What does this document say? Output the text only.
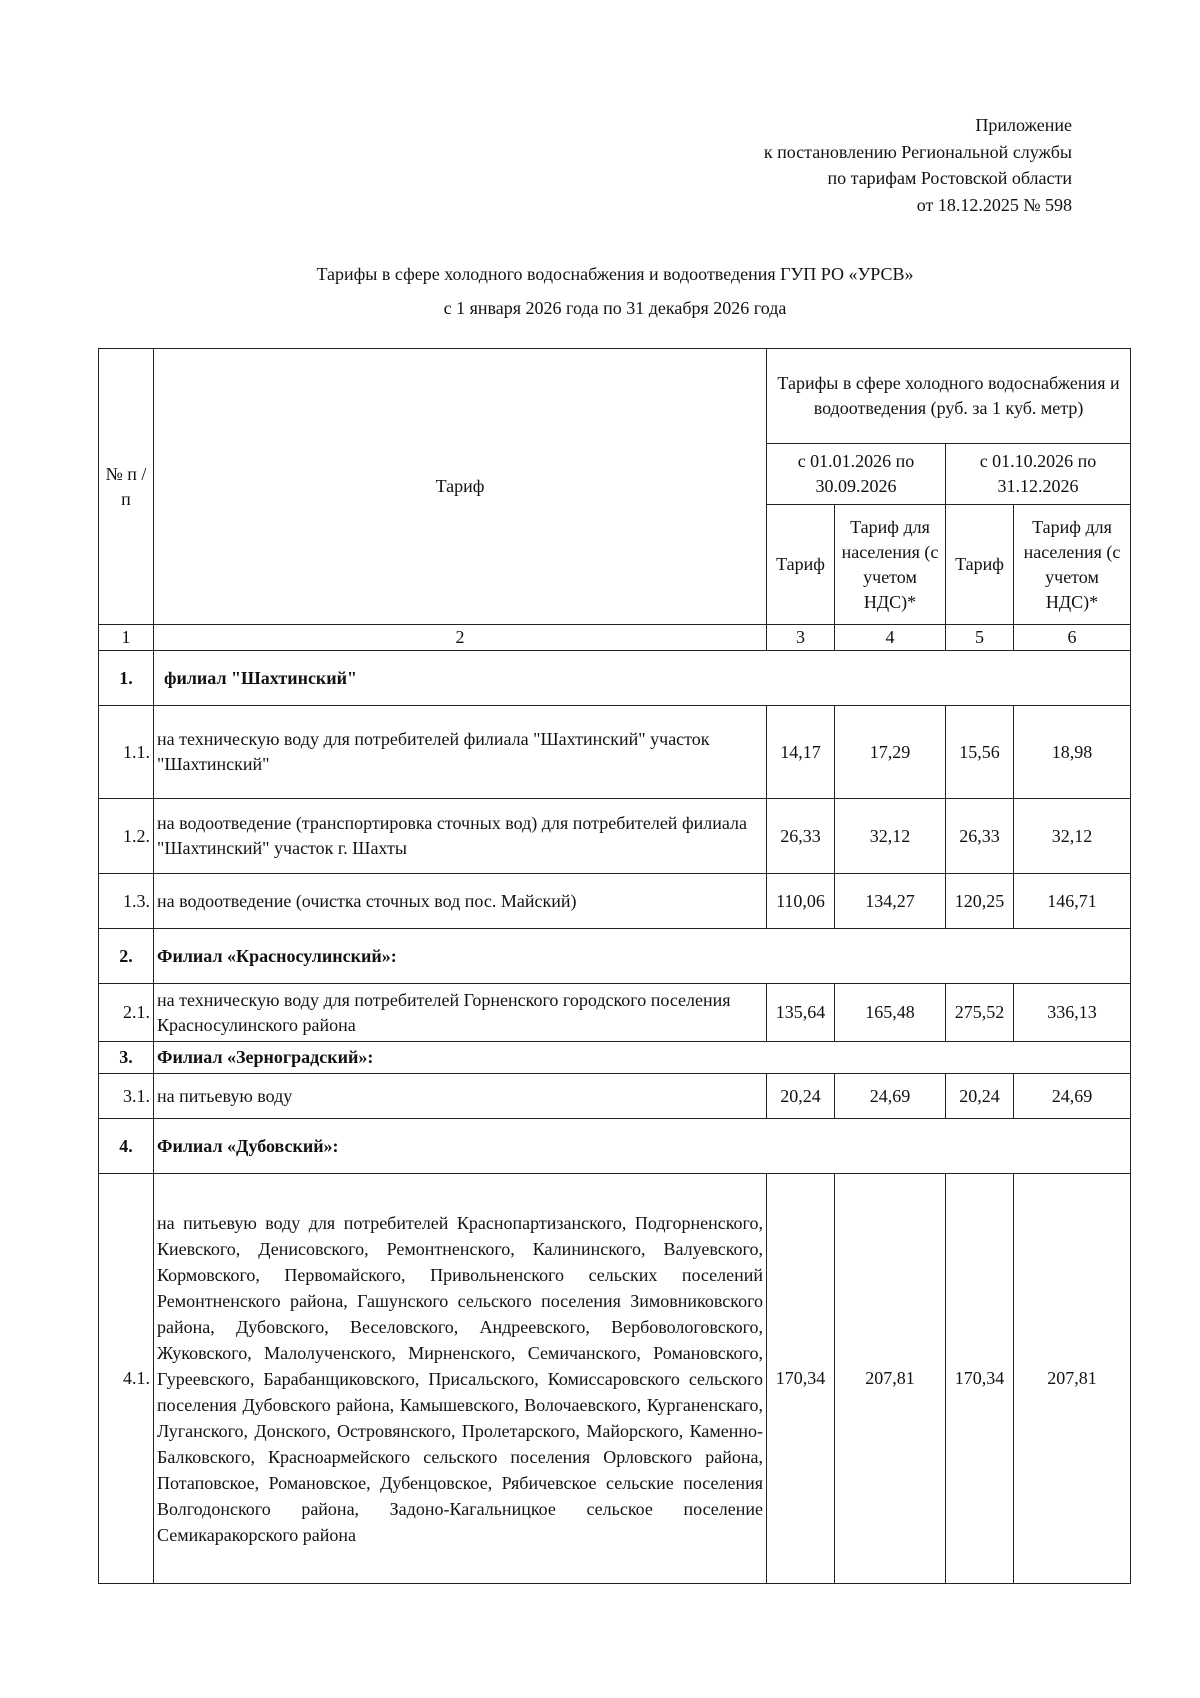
Приложение
к постановлению Региональной службы
по тарифам Ростовской области
от 18.12.2025 № 598
Тарифы в сфере холодного водоснабжения и водоотведения ГУП РО «УРСВ»
с 1 января 2026 года по 31 декабря 2026 года
№ п /п	Тариф	Тарифы в сфере холодного водоснабжения и водоотведения (руб. за 1 куб. метр)			
		с 01.01.2026 по 30.09.2026		с 01.10.2026 по 31.12.2026	
		Тариф	Тариф для населения (с учетом НДС)*	Тариф	Тариф для населения (с учетом НДС)*
1	2	3	4	5	6
1.	филиал "Шахтинский"				
1.1.	на техническую воду для потребителей филиала "Шахтинский" участок "Шахтинский"	14,17	17,29	15,56	18,98
1.2.	на водоотведение (транспортировка сточных вод) для потребителей филиала "Шахтинский" участок г. Шахты	26,33	32,12	26,33	32,12
1.3.	на водоотведение (очистка сточных вод пос. Майский)	110,06	134,27	120,25	146,71
2.	Филиал «Красносулинский»:				
2.1.	на техническую воду для потребителей Горненского городского поселения Красносулинского района	135,64	165,48	275,52	336,13
3.	Филиал «Зерноградский»:				
3.1.	на питьевую воду	20,24	24,69	20,24	24,69
4.	Филиал «Дубовский»:				
4.1.	на питьевую воду для потребителей Краснопартизанского, Подгорненского, Киевского, Денисовского, Ремонтненского, Калининского, Валуевского, Кормовского, Первомайского, Привольненского сельских поселений Ремонтненского района, Гашунского сельского поселения Зимовниковского района, Дубовского, Веселовского, Андреевского, Вербовологовского, Жуковского, Малолученского, Мирненского, Семичанского, Романовского, Гуреевского, Барабанщиковского, Присальского, Комиссаровского сельского поселения Дубовского района, Камышевского, Волочаевского, Курганенскаго, Луганского, Донского, Островянского, Пролетарского, Майорского, Каменно-Балковского, Красноармейского сельского поселения Орловского района, Потаповское, Романовское, Дубенцовское, Рябичевское сельские поселения Волгодонского района, Задоно-Кагальницкое сельское поселение Семикаракорского района	170,34	207,81	170,34	207,81
